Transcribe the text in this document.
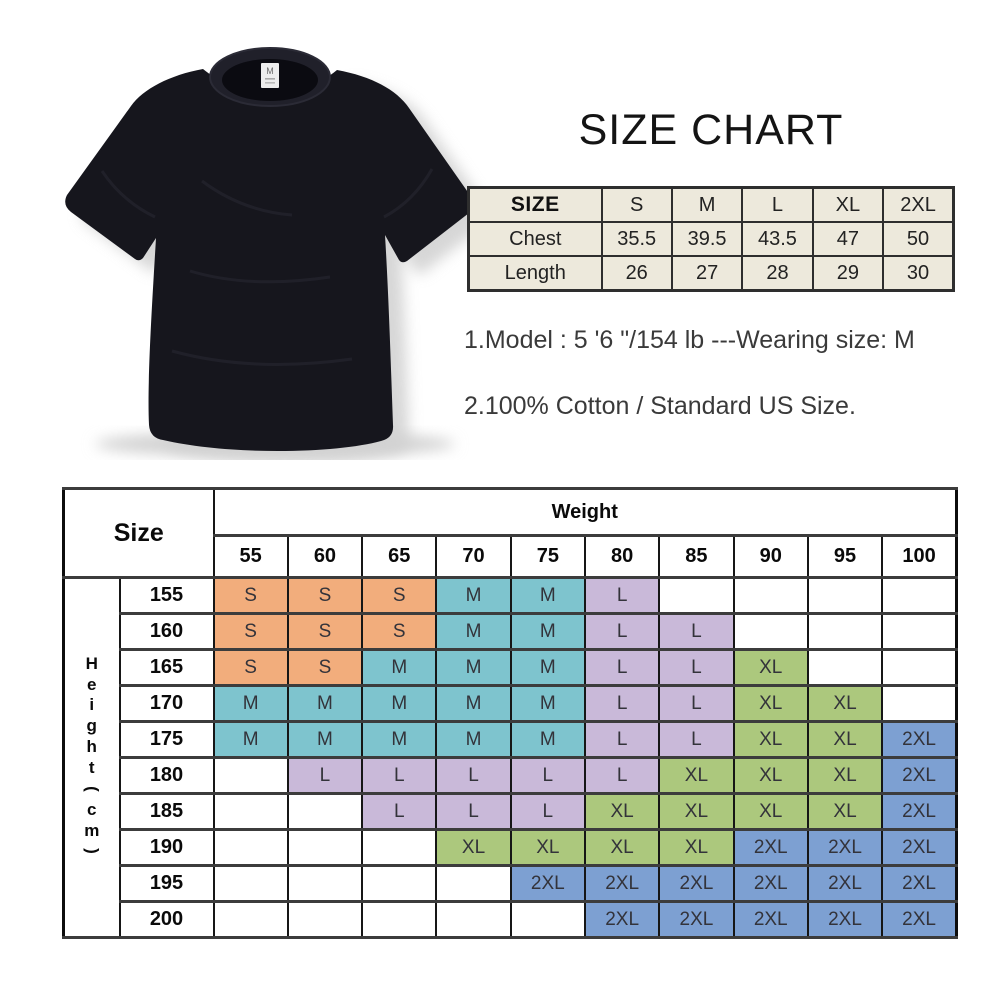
M
SIZE CHART
SIZE	S	M	L	XL	2XL
Chest	35.5	39.5	43.5	47	50
Length	26	27	28	29	30

1.Model : 5 '6 "/154 lb ---Wearing size: M

2.100% Cotton / Standard US Size.

Size		Weight									
		55	60	65	70	75	80	85	90	95	100

H
e
i
g
h
t
(
c
m
)
	155	S	S	S	M	M	L				
	160	S	S	S	M	M	L	L			
	165	S	S	M	M	M	L	L	XL		
	170	M	M	M	M	M	L	L	XL	XL	
	175	M	M	M	M	M	L	L	XL	XL	2XL
	180		L	L	L	L	L	XL	XL	XL	2XL
	185			L	L	L	XL	XL	XL	XL	2XL
	190				XL	XL	XL	XL	2XL	2XL	2XL
	195					2XL	2XL	2XL	2XL	2XL	2XL
	200						2XL	2XL	2XL	2XL	2XL
